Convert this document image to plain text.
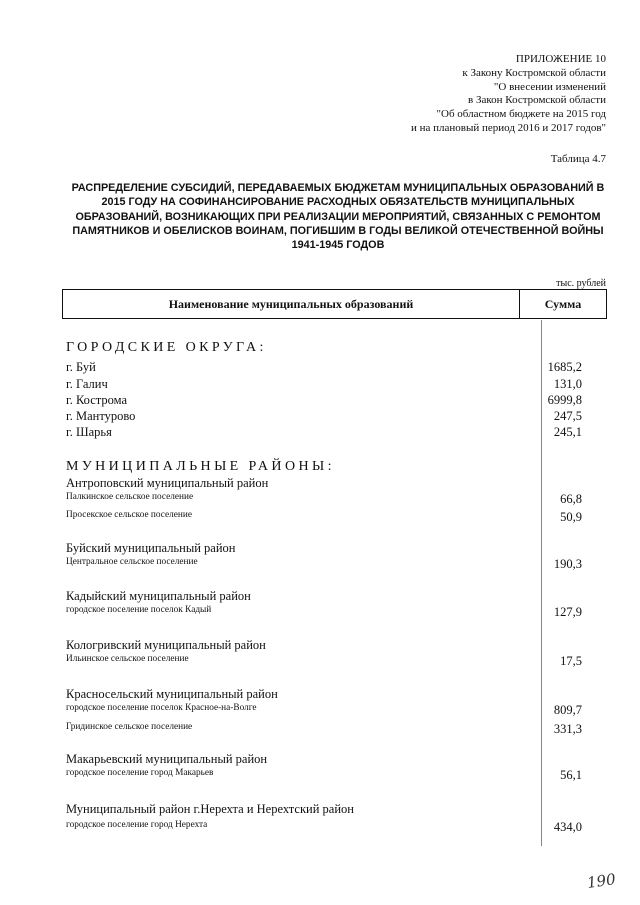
ПРИЛОЖЕНИЕ 10
к Закону Костромской области
"О внесении изменений
в Закон Костромской области
"Об областном бюджете на 2015 год
и на плановый период 2016 и 2017 годов"
Таблица 4.7
РАСПРЕДЕЛЕНИЕ СУБСИДИЙ, ПЕРЕДАВАЕМЫХ БЮДЖЕТАМ МУНИЦИПАЛЬНЫХ ОБРАЗОВАНИЙ В
2015 ГОДУ НА СОФИНАНСИРОВАНИЕ РАСХОДНЫХ ОБЯЗАТЕЛЬСТВ МУНИЦИПАЛЬНЫХ
ОБРАЗОВАНИЙ, ВОЗНИКАЮЩИХ ПРИ РЕАЛИЗАЦИИ МЕРОПРИЯТИЙ, СВЯЗАННЫХ С РЕМОНТОМ
ПАМЯТНИКОВ И ОБЕЛИСКОВ ВОИНАМ, ПОГИБШИМ В ГОДЫ ВЕЛИКОЙ ОТЕЧЕСТВЕННОЙ ВОЙНЫ
1941-1945 ГОДОВ
тыс. рублей
Наименование муниципальных образований	Сумма
ГОРОДСКИЕ ОКРУГА:
г. Буй	1685,2
г. Галич	131,0
г. Кострома	6999,8
г. Мантурово	247,5
г. Шарья	245,1
МУНИЦИПАЛЬНЫЕ РАЙОНЫ:
Антроповский муниципальный район
Палкинское сельское поселение	66,8
Просекское сельское поселение	50,9
Буйский муниципальный район
Центральное сельское поселение	190,3
Кадыйский муниципальный район
городское поселение поселок Кадый	127,9
Кологривский муниципальный район
Ильинское сельское поселение	17,5
Красносельский муниципальный район
городское поселение поселок Красное-на-Волге	809,7
Гридинское сельское поселение	331,3
Макарьевский муниципальный район
городское поселение город Макарьев	56,1
Муниципальный район г.Нерехта и Нерехтский район
городское поселение город Нерехта	434,0
190
